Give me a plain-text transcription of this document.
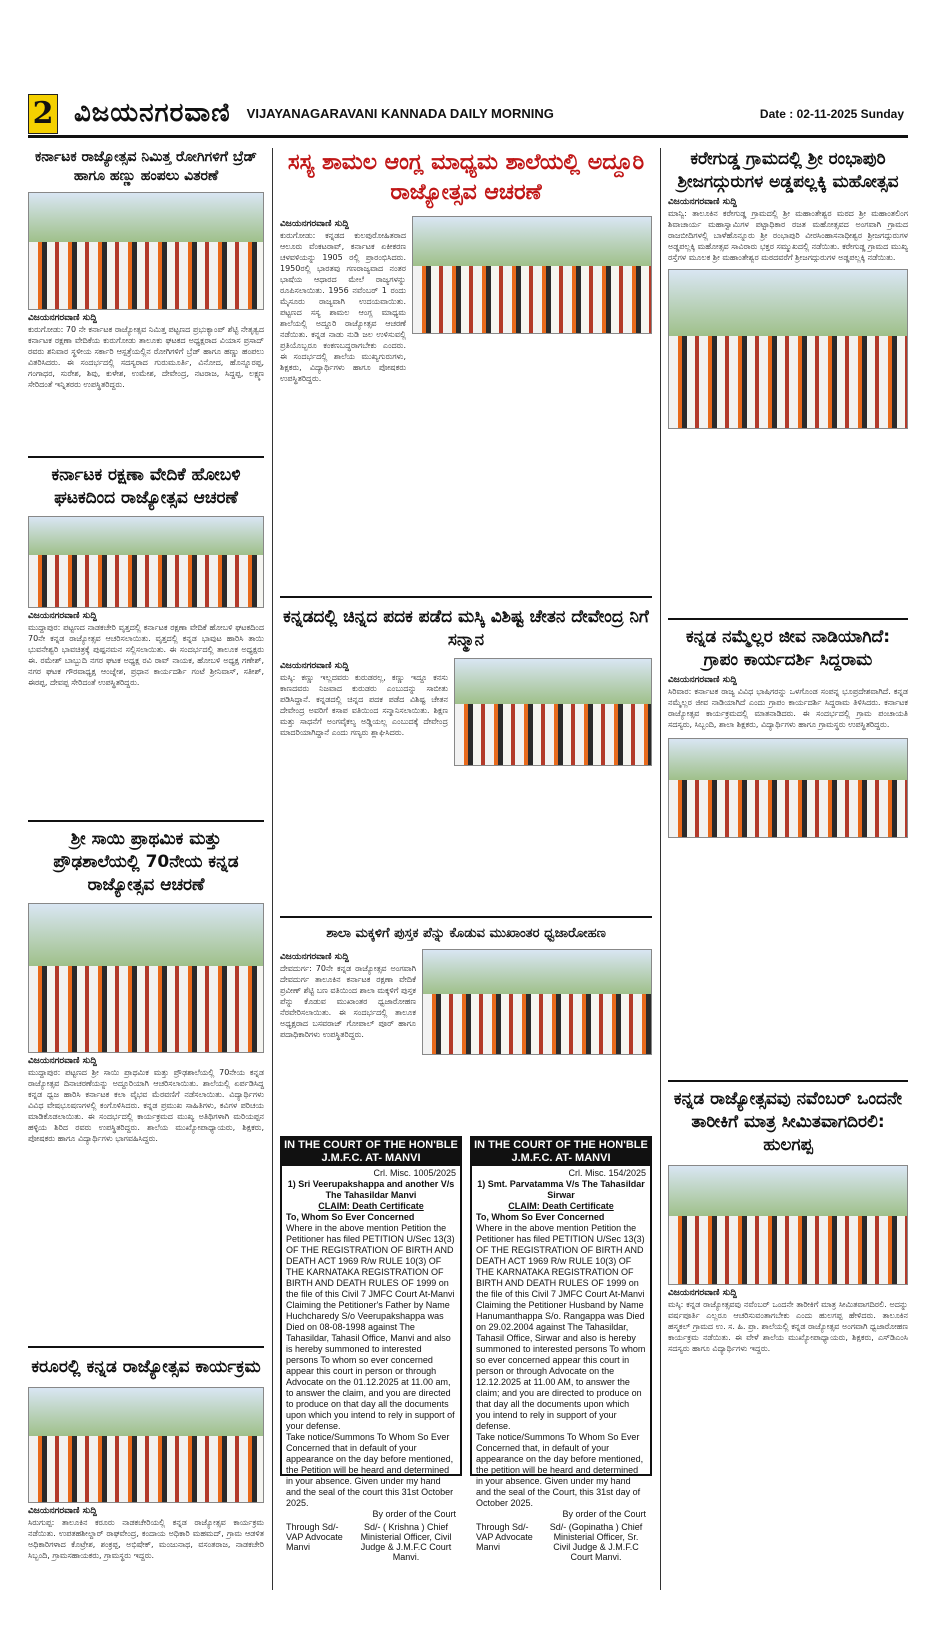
2 ವಿಜಯನಗರವಾಣಿ VIJAYANAGARAVANI KANNADA DAILY MORNING	Date : 02-11-2025 Sunday
ಕರ್ನಾಟಕ ರಾಜ್ಯೋತ್ಸವ ನಿಮಿತ್ತ ರೋಗಿಗಳಿಗೆ ಬ್ರೆಡ್ ಹಾಗೂ ಹಣ್ಣು ಹಂಪಲು ವಿತರಣೆ
ವಿಜಯನಗರವಾಣಿ ಸುದ್ದಿ
ಕುರುಗೋಡು: 70 ನೇ ಕರ್ನಾಟಕ ರಾಜ್ಯೋತ್ಸವ ನಿಮಿತ್ತ ಪಟ್ಟಣದ ಪ್ರಭುಕ್ಯಾಂಪ್ ಶೆಟ್ಟಿ ನೇತೃತ್ವದ ಕರ್ನಾಟಕ ರಕ್ಷಣಾ ವೇದಿಕೆಯ ಕುರುಗೋಡು ತಾಲೂಕು ಘಟಕದ ಅಧ್ಯಕ್ಷರಾದ ವಿಯಾಸ ಪ್ರಸಾದ್ ರವರು ಶನಿವಾರ ಸ್ಥಳೀಯ ಸರ್ಕಾರಿ ಆಸ್ಪತ್ರೆಯಲ್ಲಿನ ರೋಗಿಗಳಿಗೆ ಬ್ರೆಡ್ ಹಾಗೂ ಹಣ್ಣು ಹಂಪಲು ವಿತರಿಸಿದರು. ಈ ಸಂದರ್ಭದಲ್ಲಿ ಸದಸ್ಯರಾದ ಗುರುಮೂರ್ತಿ, ವಿನೋದ, ಹೊನ್ನೂರಪ್ಪ, ಗಂಗಾಧರ, ಸುರೇಶ, ಶಿವು, ಕುಳೇಶ, ಉಮೇಶ, ದೇವೇಂದ್ರ, ನಟರಾಜ, ಸಿದ್ದಪ್ಪ, ಲಕ್ಷ್ಮಣ ಸೇರಿದಂತೆ ಇನ್ನಿತರರು ಉಪಸ್ಥಿತರಿದ್ದರು.
ಕರ್ನಾಟಕ ರಕ್ಷಣಾ ವೇದಿಕೆ ಹೋಬಳಿ ಘಟಕದಿಂದ ರಾಜ್ಯೋತ್ಸವ ಆಚರಣೆ
ವಿಜಯನಗರವಾಣಿ ಸುದ್ದಿ
ಮುದ್ದಾಪುರ: ಪಟ್ಟಣದ ನಾಡಕಚೇರಿ ವೃತ್ತದಲ್ಲಿ ಕರ್ನಾಟಕ ರಕ್ಷಣಾ ವೇದಿಕೆ ಹೋಬಳಿ ಘಟಕದಿಂದ 70ನೇ ಕನ್ನಡ ರಾಜ್ಯೋತ್ಸವ ಆಚರಿಸಲಾಯಿತು. ವೃತ್ತದಲ್ಲಿ ಕನ್ನಡ ಭಾವುಟ ಹಾರಿಸಿ ತಾಯಿ ಭುವನೇಶ್ವರಿ ಭಾವಚಿತ್ರಕ್ಕೆ ಪುಷ್ಪನಮನ ಸಲ್ಲಿಸಲಾಯಿತು. ಈ ಸಂದರ್ಭದಲ್ಲಿ ತಾಲೂಕ ಅಧ್ಯಕ್ಷರು ಈ. ರಮೇಶ್ ಬಾಬ್ಬುದಿ ನಗರ ಘಟಕ ಅಧ್ಯಕ್ಷ ರವಿ ರಾವ್ ನಾಯಕ, ಹೋಬಳಿ ಅಧ್ಯಕ್ಷ ಗಣೇಶ್, ನಗರ ಘಟಕ ಗೌರವಾಧ್ಯಕ್ಷ ಆಂಜ್ನೇಶ, ಪ್ರಧಾನ ಕಾರ್ಯದರ್ಶಿ ಗಂಟೆ ಶ್ರೀನಿವಾಸ್, ಸತೀಶ್, ಈರಪ್ಪ, ದೇವಪ್ಪ ಸೇರಿದಂತೆ ಉಪಸ್ಥಿತರಿದ್ದರು.
ಶ್ರೀ ಸಾಯಿ ಪ್ರಾಥಮಿಕ ಮತ್ತು ಪ್ರೌಢಶಾಲೆಯಲ್ಲಿ 70ನೇಯ ಕನ್ನಡ ರಾಜ್ಯೋತ್ಸವ ಆಚರಣೆ
ವಿಜಯನಗರವಾಣಿ ಸುದ್ದಿ
ಮುದ್ದಾಪುರ: ಪಟ್ಟಣದ ಶ್ರೀ ಸಾಯಿ ಪ್ರಾಥಮಿಕ ಮತ್ತು ಪ್ರೌಢಶಾಲೆಯಲ್ಲಿ 70ನೇಯ ಕನ್ನಡ ರಾಜ್ಯೋತ್ಸವ ದಿನಾಚರಣೆಯನ್ನು ಅದ್ದೂರಿಯಾಗಿ ಆಚರಿಸಲಾಯಿತು. ಶಾಲೆಯಲ್ಲಿ ಏರ್ಪಡಿಸಿದ್ದ ಕನ್ನಡ ಧ್ವಜ ಹಾರಿಸಿ ಕರ್ನಾಟಕ ಕಲಾ ವೈಭವ ಮೆರವಣಿಗೆ ನಡೆಸಲಾಯಿತು. ವಿದ್ಯಾರ್ಥಿಗಳು ವಿವಿಧ ವೇಷಭೂಷಣಗಳಲ್ಲಿ ಕಂಗೊಳಿಸಿದರು. ಕನ್ನಡ ಪ್ರಮುಖ ಸಾಹಿತಿಗಳು, ಕವಿಗಳ ಪರಿಚಯ ಮಾಡಿಕೊಡಲಾಯಿತು. ಈ ಸಂದರ್ಭದಲ್ಲಿ ಕಾರ್ಯಕ್ರಮದ ಮುಖ್ಯ ಅತಿಥಿಗಳಾಗಿ ಮರಿಯಪ್ಪನ ಹಳ್ಳಿಯ ಶಿರಿದ ರವರು ಉಪಸ್ಥಿತರಿದ್ದರು. ಶಾಲೆಯ ಮುಖ್ಯೋಪಾಧ್ಯಾಯರು, ಶಿಕ್ಷಕರು, ಪೋಷಕರು ಹಾಗೂ ವಿದ್ಯಾರ್ಥಿಗಳು ಭಾಗವಹಿಸಿದ್ದರು.
ಕರೂರಲ್ಲಿ ಕನ್ನಡ ರಾಜ್ಯೋತ್ಸವ ಕಾರ್ಯಕ್ರಮ
ವಿಜಯನಗರವಾಣಿ ಸುದ್ದಿ
ಸಿರುಗುಪ್ಪ: ತಾಲೂಕಿನ ಕರೂರು ನಾಡಕಚೇರಿಯಲ್ಲಿ ಕನ್ನಡ ರಾಜ್ಯೋತ್ಸವ ಕಾರ್ಯಕ್ರಮ ನಡೆಯಿತು. ಉಪತಹಶೀಲ್ದಾರ್ ರಾಘವೇಂದ್ರ, ಕಂದಾಯ ಅಧಿಕಾರಿ ಮಹಮದ್, ಗ್ರಾಮ ಆಡಳಿತ ಅಧಿಕಾರಿಗಳಾದ ಕೊಟ್ರೇಶ, ಶಂಕ್ರಪ್ಪ, ಅಭಿಷೇಕ್, ಮಂಜುನಾಥ, ವಸಂತರಾಜ, ನಾಡಕಚೇರಿ ಸಿಬ್ಬಂದಿ, ಗ್ರಾಮಸಹಾಯಕರು, ಗ್ರಾಮಸ್ಥರು ಇದ್ದರು.
ಸಸ್ಯ ಶಾಮಲ ಆಂಗ್ಲ ಮಾಧ್ಯಮ ಶಾಲೆಯಲ್ಲಿ ಅದ್ದೂರಿ ರಾಜ್ಯೋತ್ಸವ ಆಚರಣೆ
ವಿಜಯನಗರವಾಣಿ ಸುದ್ದಿ
ಕುರುಗೋಡು: ಕನ್ನಡದ ಕುಲಪುರೋಹಿತರಾದ ಆಲೂರು ವೆಂಕಟರಾವ್, ಕರ್ನಾಟಕ ಏಕೀಕರಣ ಚಳವಳಿಯನ್ನು 1905 ರಲ್ಲಿ ಪ್ರಾರಂಭಿಸಿದರು. 1950ರಲ್ಲಿ ಭಾರತವು ಗಣರಾಜ್ಯವಾದ ನಂತರ ಭಾಷೆಯ ಆಧಾರದ ಮೇಲೆ ರಾಜ್ಯಗಳನ್ನು ರೂಪಿಸಲಾಯಿತು. 1956 ನವೆಂಬರ್ 1 ರಂದು ಮೈಸೂರು ರಾಜ್ಯವಾಗಿ ಉದಯವಾಯಿತು. ಪಟ್ಟಣದ ಸಸ್ಯ ಶಾಮಲ ಆಂಗ್ಲ ಮಾಧ್ಯಮ ಶಾಲೆಯಲ್ಲಿ ಅದ್ದೂರಿ ರಾಜ್ಯೋತ್ಸವ ಆಚರಣೆ ನಡೆಯಿತು. ಕನ್ನಡ ನಾಡು ನುಡಿ ಜಲ ಉಳಿಸುವಲ್ಲಿ ಪ್ರತಿಯೊಬ್ಬರೂ ಕಂಕಣಬದ್ಧರಾಗಬೇಕು ಎಂದರು. ಈ ಸಂದರ್ಭದಲ್ಲಿ ಶಾಲೆಯ ಮುಖ್ಯಗುರುಗಳು, ಶಿಕ್ಷಕರು, ವಿದ್ಯಾರ್ಥಿಗಳು ಹಾಗೂ ಪೋಷಕರು ಉಪಸ್ಥಿತರಿದ್ದರು.
ಕನ್ನಡದಲ್ಲಿ ಚಿನ್ನದ ಪದಕ ಪಡೆದ ಮಸ್ಕಿ ವಿಶಿಷ್ಟ ಚೇತನ ದೇವೇಂದ್ರ ನಿಗೆ ಸನ್ಮಾನ
ವಿಜಯನಗರವಾಣಿ ಸುದ್ದಿ
ಮಸ್ಕಿ: ಕಣ್ಣು ಇಲ್ಲದವರು ಕುರುಡರಲ್ಲ, ಕಣ್ಣು ಇದ್ದೂ ಕನಸು ಕಾಣದವರು ನಿಜವಾದ ಕುರುಡರು ಎಂಬುದನ್ನು ಸಾಬೀತು ಪಡಿಸಿದ್ದಾನೆ. ಕನ್ನಡದಲ್ಲಿ ಚಿನ್ನದ ಪದಕ ಪಡೆದ ವಿಶಿಷ್ಟ ಚೇತನ ದೇವೇಂದ್ರ ಅವರಿಗೆ ಕಸಾಪ ವತಿಯಿಂದ ಸನ್ಮಾನಿಸಲಾಯಿತು. ಶಿಕ್ಷಣ ಮತ್ತು ಸಾಧನೆಗೆ ಅಂಗವೈಕಲ್ಯ ಅಡ್ಡಿಯಲ್ಲ ಎಂಬುದಕ್ಕೆ ದೇವೇಂದ್ರ ಮಾದರಿಯಾಗಿದ್ದಾನೆ ಎಂದು ಗಣ್ಯರು ಶ್ಲಾಘಿಸಿದರು.
ಶಾಲಾ ಮಕ್ಕಳಿಗೆ ಪುಸ್ತಕ ಪೆನ್ನು ಕೊಡುವ ಮುಖಾಂತರ ಧ್ವಜಾರೋಹಣ
ವಿಜಯನಗರವಾಣಿ ಸುದ್ದಿ
ದೇವದುರ್ಗ: 70ನೇ ಕನ್ನಡ ರಾಜ್ಯೋತ್ಸವ ಅಂಗವಾಗಿ ದೇವದುರ್ಗ ತಾಲೂಕಿನ ಕರ್ನಾಟಕ ರಕ್ಷಣಾ ವೇದಿಕೆ ಪ್ರವೀಣ್ ಶೆಟ್ಟಿ ಬಣ ವತಿಯಿಂದ ಶಾಲಾ ಮಕ್ಕಳಿಗೆ ಪುಸ್ತಕ ಪೆನ್ನು ಕೊಡುವ ಮುಖಾಂತರ ಧ್ವಜಾರೋಹಣ ನೆರವೇರಿಸಲಾಯಿತು. ಈ ಸಂದರ್ಭದಲ್ಲಿ ತಾಲೂಕ ಅಧ್ಯಕ್ಷರಾದ ಬಸವರಾಜ್ ಗೋಪಾಲ್ ಪೂರ್ ಹಾಗೂ ಪದಾಧಿಕಾರಿಗಳು ಉಪಸ್ಥಿತರಿದ್ದರು.
IN THE COURT OF THE HON'BLE J.M.F.C. AT- MANVI
Crl. Misc. 1005/2025
1) Sri Veerupakshappa and another V/s The Tahasildar Manvi
CLAIM: Death Certificate
To, Whom So Ever Concerned
Where in the above mention Petition the Petitioner has filed PETITION U/Sec 13(3) OF THE REGISTRATION OF BIRTH AND DEATH ACT 1969 R/w RULE 10(3) OF THE KARNATAKA REGISTRATION OF BIRTH AND DEATH RULES OF 1999 on the file of this Civil 7 JMFC Court At-Manvi Claiming the Petitioner's Father by Name Huchcharedy S/o Veerupakshappa was Died on 08-08-1998 against The Tahasildar, Tahasil Office, Manvi and also is hereby summoned to interested persons To whom so ever concerned appear this court in person or through Advocate on the 01.12.2025 at 11.00 am, to answer the claim, and you are directed to produce on that day all the documents upon which you intend to rely in support of your defense.
Take notice/Summons To Whom So Ever Concerned that in default of your appearance on the day before mentioned, the Petition will be heard and determined in your absence. Given under my hand and the seal of the court this 31st October 2025.
By order of the Court
Through Sd/- VAP Advocate Manvi
Sd/- ( Krishna ) Chief Ministerial Officer, Civil Judge & J.M.F.C Court Manvi.
IN THE COURT OF THE HON'BLE J.M.F.C. AT- MANVI
Crl. Misc. 154/2025
1) Smt. Parvatamma V/s The Tahasildar Sirwar
CLAIM: Death Certificate
To, Whom So Ever Concerned
Where in the above mention Petition the Petitioner has filed PETITION U/Sec 13(3) OF THE REGISTRATION OF BIRTH AND DEATH ACT 1969 R/w RULE 10(3) OF THE KARNATAKA REGISTRATION OF BIRTH AND DEATH RULES OF 1999 on the file of this Civil 7 JMFC Court At-Manvi Claiming the Petitioner Husband by Name Hanumanthappa S/o. Rangappa was Died on 29.02.2004 against The Tahasildar, Tahasil Office, Sirwar and also is hereby summoned to interested persons To whom so ever concerned appear this court in person or through Advocate on the 12.12.2025 at 11.00 AM, to answer the claim; and you are directed to produce on that day all the documents upon which you intend to rely in support of your defense.
Take notice/Summons To Whom So Ever Concerned that, in default of your appearance on the day before mentioned, the petition will be heard and determined in your absence. Given under my hand and the seal of the Court, this 31st day of October 2025.
By order of the Court
Through Sd/- VAP Advocate Manvi
Sd/- (Gopinatha ) Chief Ministerial Officer, Sr. Civil Judge & J.M.F.C Court Manvi.
ಕರೇಗುಡ್ಡ ಗ್ರಾಮದಲ್ಲಿ ಶ್ರೀ ರಂಭಾಪುರಿ ಶ್ರೀಜಗದ್ಗುರುಗಳ ಅಡ್ಡಪಲ್ಲಕ್ಕಿ ಮಹೋತ್ಸವ
ವಿಜಯನಗರವಾಣಿ ಸುದ್ದಿ
ಮಾನ್ವಿ: ತಾಲೂಕಿನ ಕರೇಗುಡ್ಡ ಗ್ರಾಮದಲ್ಲಿ ಶ್ರೀ ಮಹಾಂತೇಶ್ವರ ಮಠದ ಶ್ರೀ ಮಹಾಂತಲಿಂಗ ಶಿವಾಚಾರ್ಯ ಮಹಾಸ್ವಾಮಿಗಳ ಪಟ್ಟಾಧಿಕಾರ ರಜತ ಮಹೋತ್ಸವದ ಅಂಗವಾಗಿ ಗ್ರಾಮದ ರಾಜಬೀದಿಗಳಲ್ಲಿ ಬಾಳೆಹೊನ್ನೂರು ಶ್ರೀ ರಂಭಾಪುರಿ ವೀರಸಿಂಹಾಸನಾಧೀಶ್ವರ ಶ್ರೀಜಗದ್ಗುರುಗಳ ಅಡ್ಡಪಲ್ಲಕ್ಕಿ ಮಹೋತ್ಸವ ಸಾವಿರಾರು ಭಕ್ತರ ಸಮ್ಮುಖದಲ್ಲಿ ನಡೆಯಿತು. ಕರೇಗುಡ್ಡ ಗ್ರಾಮದ ಮುಖ್ಯ ರಸ್ತೆಗಳ ಮೂಲಕ ಶ್ರೀ ಮಹಾಂತೇಶ್ವರ ಮಠದವರೆಗೆ ಶ್ರೀಜಗದ್ಗುರುಗಳ ಅಡ್ಡಪಲ್ಲಕ್ಕಿ ನಡೆಯಿತು.
ಕನ್ನಡ ನಮ್ಮೆಲ್ಲರ ಜೀವ ನಾಡಿಯಾಗಿದೆ: ಗ್ರಾಪಂ ಕಾರ್ಯದರ್ಶಿ ಸಿದ್ದರಾಮ
ವಿಜಯನಗರವಾಣಿ ಸುದ್ದಿ
ಸಿರಿವಾರ: ಕರ್ನಾಟಕ ರಾಜ್ಯ ವಿವಿಧ ಭಾಷಿಗರನ್ನು ಒಳಗೊಂಡ ಸಂಪನ್ನ ಭೂಪ್ರದೇಶವಾಗಿದೆ. ಕನ್ನಡ ನಮ್ಮೆಲ್ಲರ ಜೀವ ನಾಡಿಯಾಗಿದೆ ಎಂದು ಗ್ರಾಪಂ ಕಾರ್ಯದರ್ಶಿ ಸಿದ್ದರಾಮ ತಿಳಿಸಿದರು. ಕರ್ನಾಟಕ ರಾಜ್ಯೋತ್ಸವ ಕಾರ್ಯಕ್ರಮದಲ್ಲಿ ಮಾತನಾಡಿದರು. ಈ ಸಂದರ್ಭದಲ್ಲಿ ಗ್ರಾಮ ಪಂಚಾಯತಿ ಸದಸ್ಯರು, ಸಿಬ್ಬಂದಿ, ಶಾಲಾ ಶಿಕ್ಷಕರು, ವಿದ್ಯಾರ್ಥಿಗಳು ಹಾಗೂ ಗ್ರಾಮಸ್ಥರು ಉಪಸ್ಥಿತರಿದ್ದರು.
ಕನ್ನಡ ರಾಜ್ಯೋತ್ಸವವು ನವೆಂಬರ್ ಒಂದನೇ ತಾರೀಕಿಗೆ ಮಾತ್ರ ಸೀಮಿತವಾಗದಿರಲಿ: ಹುಲಗಪ್ಪ
ವಿಜಯನಗರವಾಣಿ ಸುದ್ದಿ
ಮಸ್ಕಿ: ಕನ್ನಡ ರಾಜ್ಯೋತ್ಸವವು ನವೆಂಬರ್ ಒಂದನೇ ತಾರೀಕಿಗೆ ಮಾತ್ರ ಸೀಮಿತವಾಗದಿರಲಿ. ಅದನ್ನು ವರ್ಷಪೂರ್ತಿ ಎಲ್ಲರೂ ಆಚರಿಸುವಂತಾಗಬೇಕು ಎಂದು ಹುಲಗಪ್ಪ ಹೇಳಿದರು. ತಾಲೂಕಿನ ಹಸ್ಮಕಲ್ ಗ್ರಾಮದ ಉ. ಸ. ಹಿ. ಪ್ರಾ. ಶಾಲೆಯಲ್ಲಿ ಕನ್ನಡ ರಾಜ್ಯೋತ್ಸವ ಅಂಗವಾಗಿ ಧ್ವಜಾರೋಹಣ ಕಾರ್ಯಕ್ರಮ ನಡೆಯಿತು. ಈ ವೇಳೆ ಶಾಲೆಯ ಮುಖ್ಯೋಪಾಧ್ಯಾಯರು, ಶಿಕ್ಷಕರು, ಎಸ್‌ಡಿಎಂಸಿ ಸದಸ್ಯರು ಹಾಗೂ ವಿದ್ಯಾರ್ಥಿಗಳು ಇದ್ದರು.
